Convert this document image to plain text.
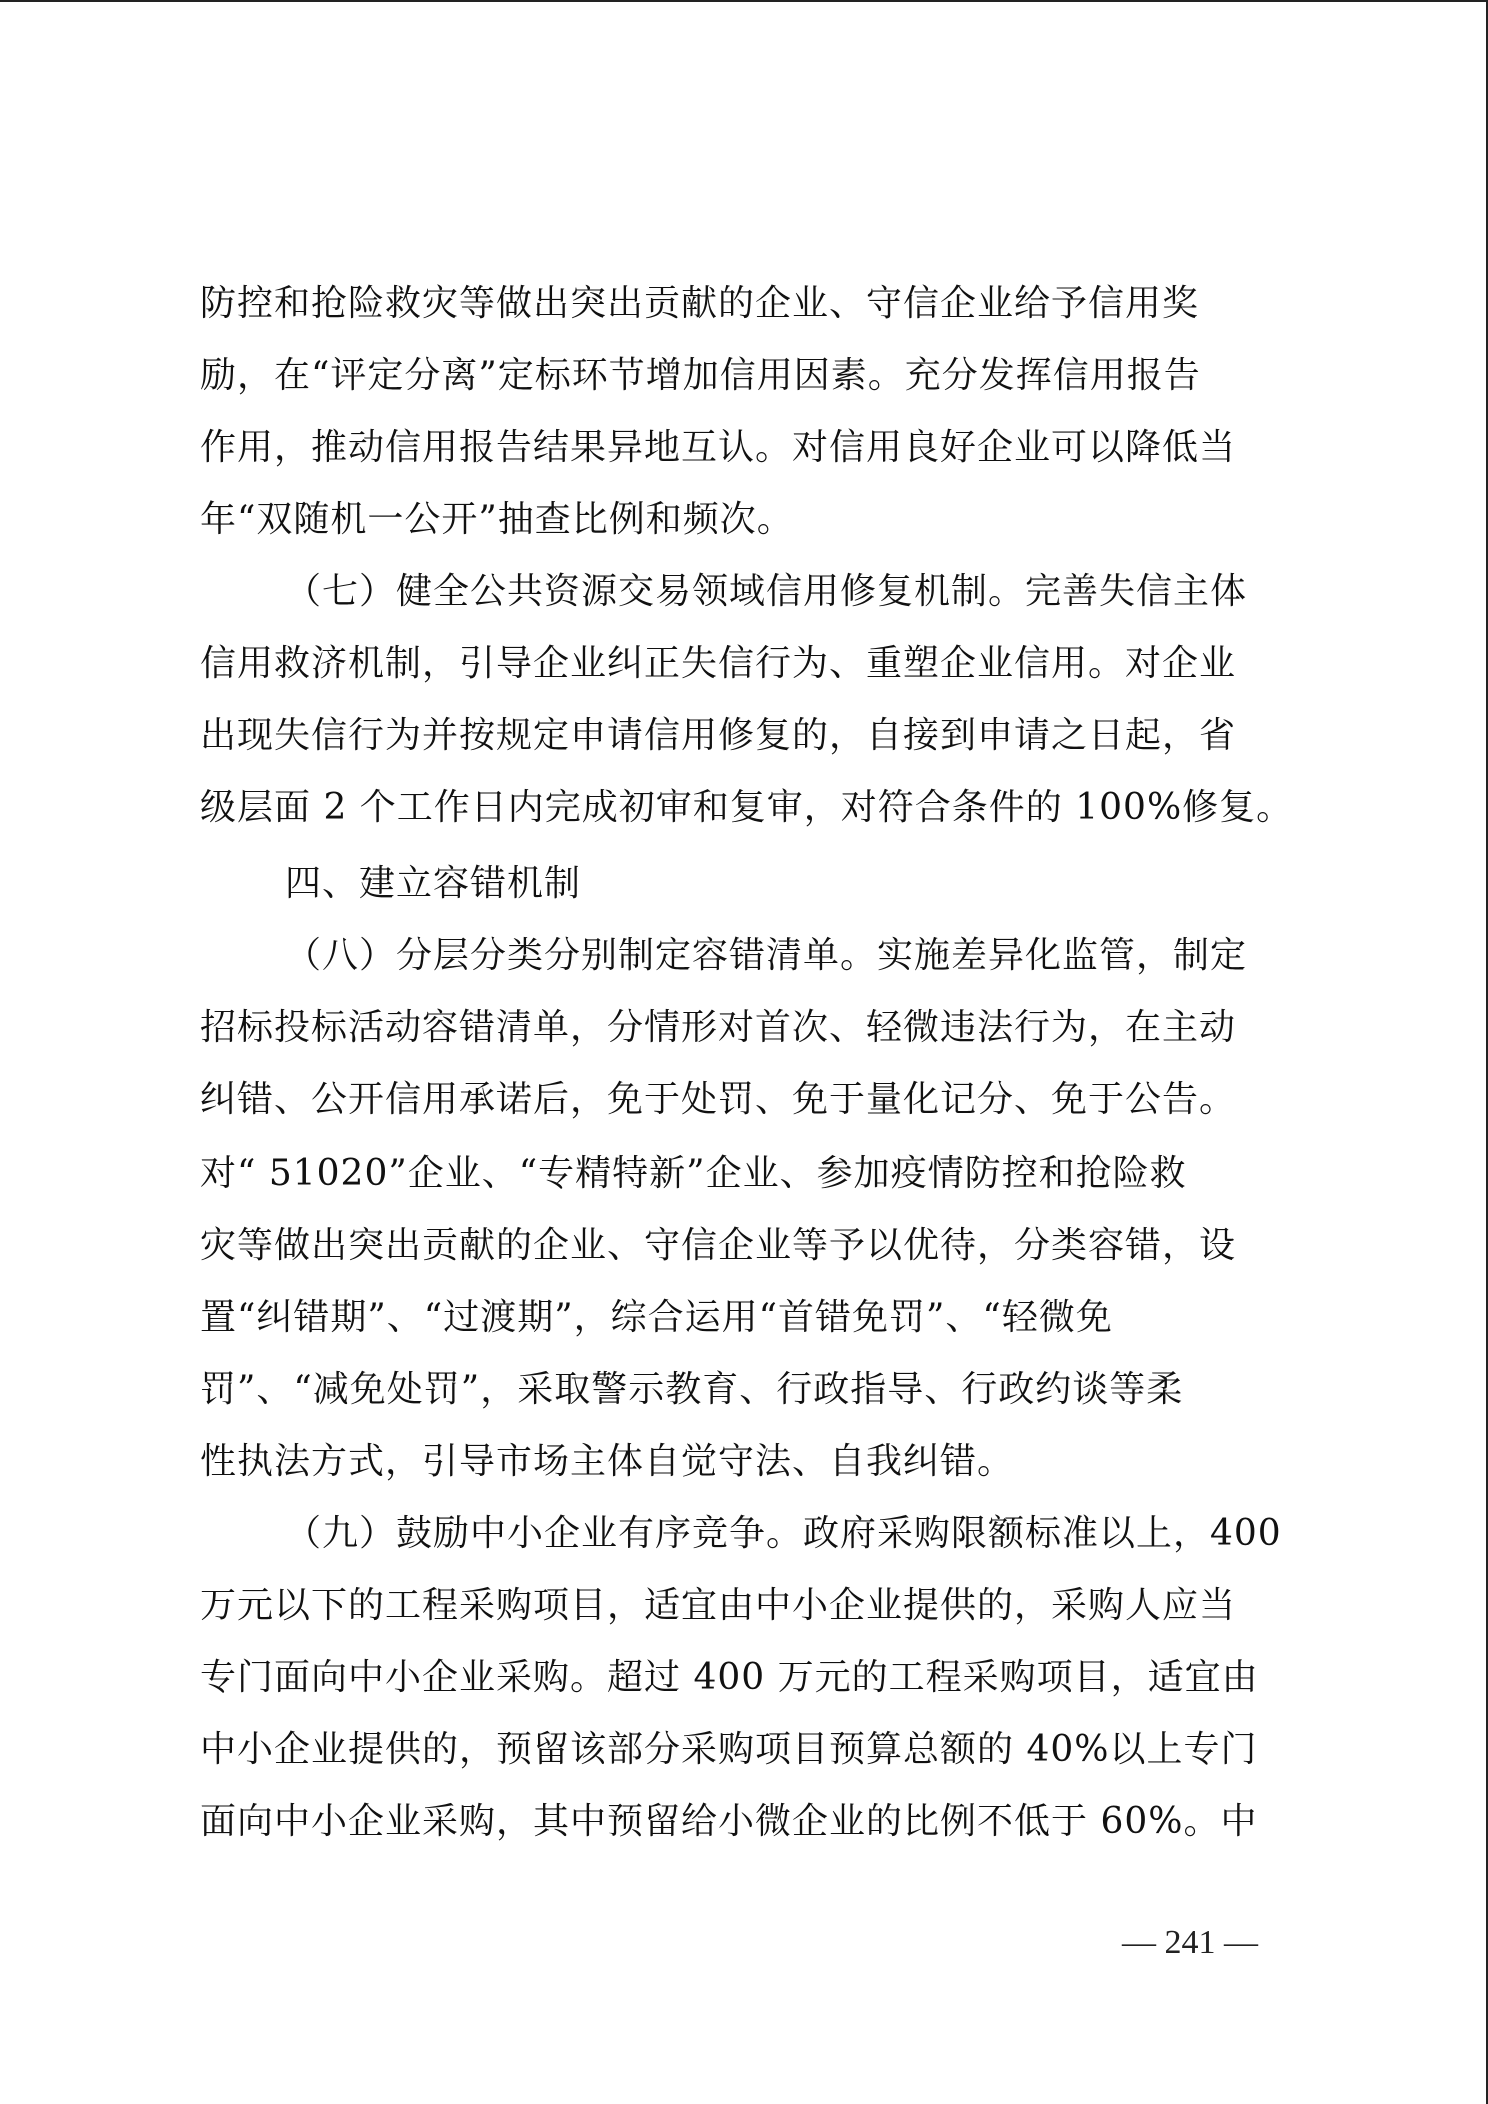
防控和抢险救灾等做出突出贡献的企业、守信企业给予信用奖
励，在“评定分离”定标环节增加信用因素。充分发挥信用报告
作用，推动信用报告结果异地互认。对信用良好企业可以降低当
年“双随机一公开”抽查比例和频次。
（七）健全公共资源交易领域信用修复机制。完善失信主体
信用救济机制，引导企业纠正失信行为、重塑企业信用。对企业
出现失信行为并按规定申请信用修复的，自接到申请之日起，省
级层面 2 个工作日内完成初审和复审，对符合条件的 100%修复。
四、建立容错机制
（八）分层分类分别制定容错清单。实施差异化监管，制定
招标投标活动容错清单，分情形对首次、轻微违法行为，在主动
纠错、公开信用承诺后，免于处罚、免于量化记分、免于公告。
对“ 51020”企业、“专精特新”企业、参加疫情防控和抢险救
灾等做出突出贡献的企业、守信企业等予以优待，分类容错，设
置“纠错期”、“过渡期”，综合运用“首错免罚”、“轻微免
罚”、“减免处罚”，采取警示教育、行政指导、行政约谈等柔
性执法方式，引导市场主体自觉守法、自我纠错。
（九）鼓励中小企业有序竞争。政府采购限额标准以上，400
万元以下的工程采购项目，适宜由中小企业提供的，采购人应当
专门面向中小企业采购。超过 400 万元的工程采购项目，适宜由
中小企业提供的，预留该部分采购项目预算总额的 40%以上专门
面向中小企业采购，其中预留给小微企业的比例不低于 60%。中
— 241 —
